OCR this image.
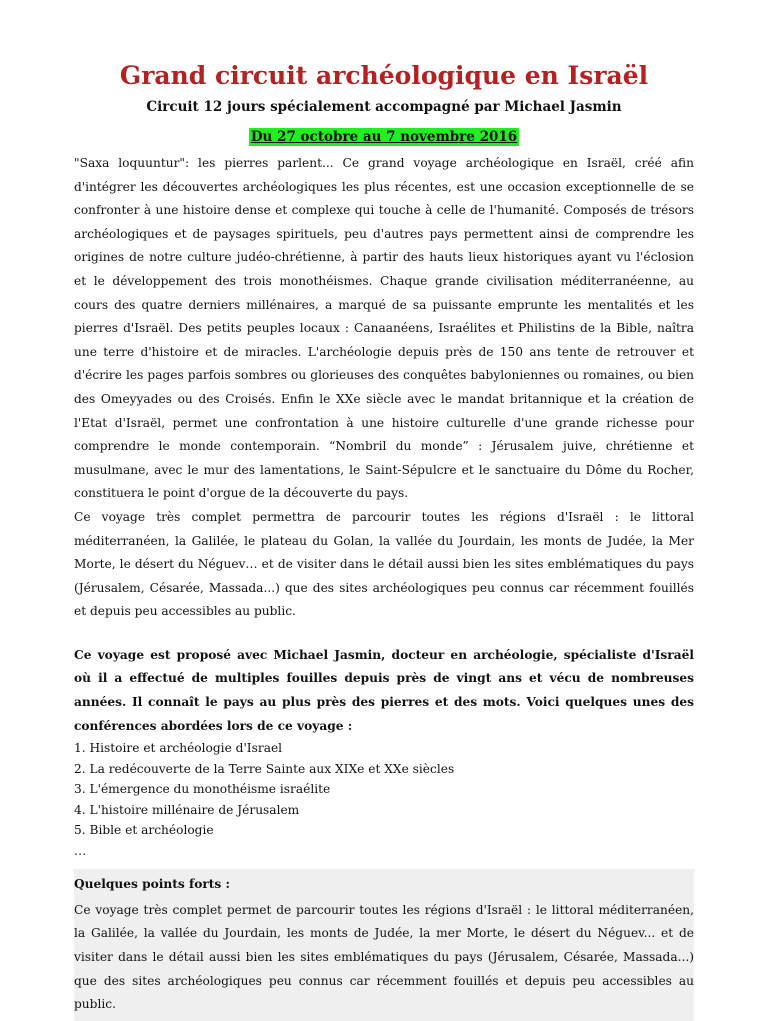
Grand circuit archéologique en Israël
Circuit 12 jours spécialement accompagné par Michael Jasmin
Du 27 octobre au 7 novembre 2016

"Saxa loquuntur": les pierres parlent... Ce grand voyage archéologique en Israël, créé afin d'intégrer les découvertes archéologiques les plus récentes, est une occasion exceptionnelle de se confronter à une histoire dense et complexe qui touche à celle de l'humanité. Composés de trésors archéologiques et de paysages spirituels, peu d'autres pays permettent ainsi de comprendre les origines de notre culture judéo-chrétienne, à partir des hauts lieux historiques ayant vu l'éclosion et le développement des trois monothéismes. Chaque grande civilisation méditerranéenne, au cours des quatre derniers millénaires, a marqué de sa puissante emprunte les mentalités et les pierres d'Israël. Des petits peuples locaux : Canaanéens, Israélites et Philistins de la Bible, naîtra une terre d'histoire et de miracles. L'archéologie depuis près de 150 ans tente de retrouver et d'écrire les pages parfois sombres ou glorieuses des conquêtes babyloniennes ou romaines, ou bien des Omeyyades ou des Croisés. Enfin le XXe siècle avec le mandat britannique et la création de l'Etat d'Israël, permet une confrontation à une histoire culturelle d'une grande richesse pour comprendre le monde contemporain. “Nombril du monde” : Jérusalem juive, chrétienne et musulmane, avec le mur des lamentations, le Saint-Sépulcre et le sanctuaire du Dôme du Rocher, constituera le point d'orgue de la découverte du pays.

Ce voyage très complet permettra de parcourir toutes les régions d'Israël : le littoral méditerranéen, la Galilée, le plateau du Golan, la vallée du Jourdain, les monts de Judée, la Mer Morte, le désert du Néguev… et de visiter dans le détail aussi bien les sites emblématiques du pays (Jérusalem, Césarée, Massada...) que des sites archéologiques peu connus car récemment fouillés et depuis peu accessibles au public.

Ce voyage est proposé avec Michael Jasmin, docteur en archéologie, spécialiste d'Israël où il a effectué de multiples fouilles depuis près de vingt ans et vécu de nombreuses années. Il connaît le pays au plus près des pierres et des mots. Voici quelques unes des conférences abordées lors de ce voyage :

1. Histoire et archéologie d'Israel
2. La redécouverte de la Terre Sainte aux XIXe et XXe siècles
3. L'émergence du monothéisme israélite
4. L'histoire millénaire de Jérusalem
5. Bible et archéologie
…
Quelques points forts :

Ce voyage très complet permet de parcourir toutes les régions d'Israël : le littoral méditerranéen, la Galilée, la vallée du Jourdain, les monts de Judée, la mer Morte, le désert du Néguev... et de visiter dans le détail aussi bien les sites emblématiques du pays (Jérusalem, Césarée, Massada...) que des sites archéologiques peu connus car récemment fouillés et depuis peu accessibles au public.
